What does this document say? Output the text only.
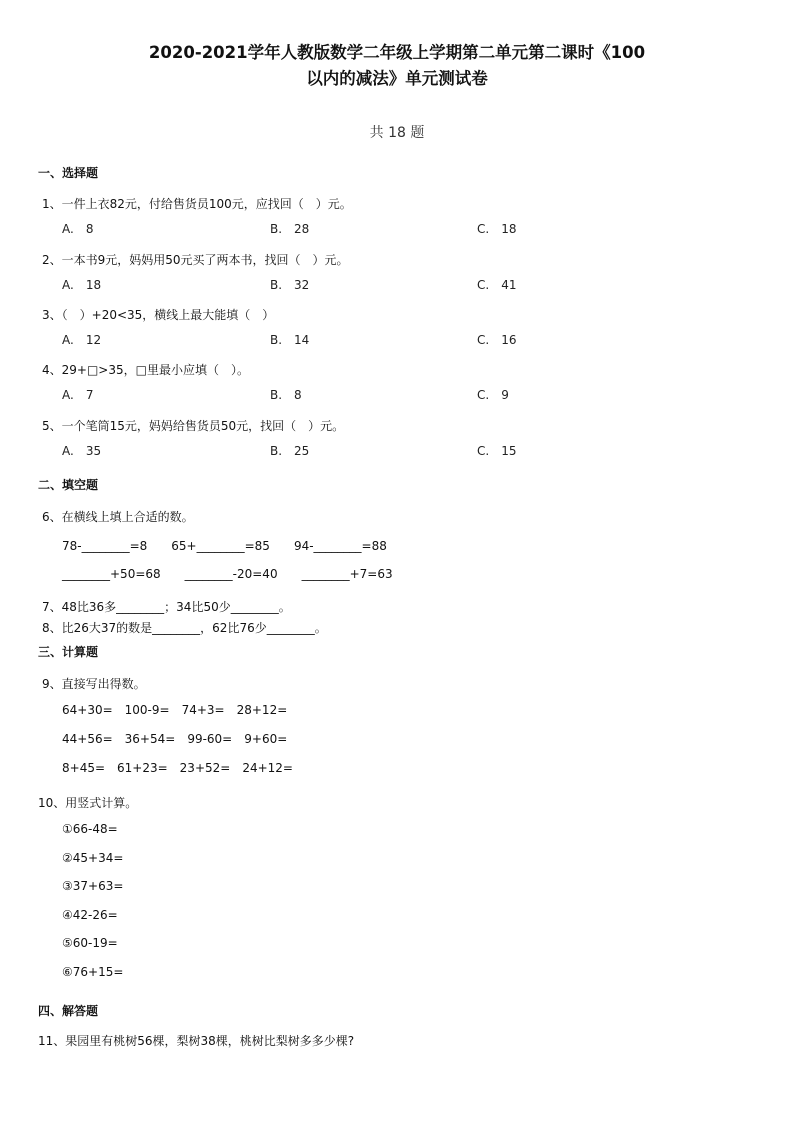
2020-2021学年人教版数学二年级上学期第二单元第二课时《100
以内的减法》单元测试卷
共 18 题
一、选择题
1、一件上衣82元，付给售货员100元，应找回（　）元。
A.　8	B.　28	C.　18
2、一本书9元，妈妈用50元买了两本书，找回（　）元。
A.　18	B.　32	C.　41
3、（　）+20<35，横线上最大能填（　）
A.　12	B.　14	C.　16
4、29+□>35，□里最小应填（　）。
A.　7	B.　8	C.　9
5、一个笔筒15元，妈妈给售货员50元，找回（　）元。
A.　35	B.　25	C.　15
二、填空题
6、在横线上填上合适的数。
78-________=8　　65+________=85　　94-________=88
________+50=68　　________-20=40　　________+7=63
7、48比36多________；34比50少________。
8、比26大37的数是________，62比76少________。
三、计算题
9、直接写出得数。
64+30= 100-9= 74+3= 28+12=
44+56= 36+54= 99-60=9+60=
8+45= 61+23= 23+52= 24+12=
10、用竖式计算。
①66-48=
②45+34=
③37+63=
④42-26=
⑤60-19=
⑥76+15=
四、解答题
11、果园里有桃树56棵，梨树38棵，桃树比梨树多多少棵?
